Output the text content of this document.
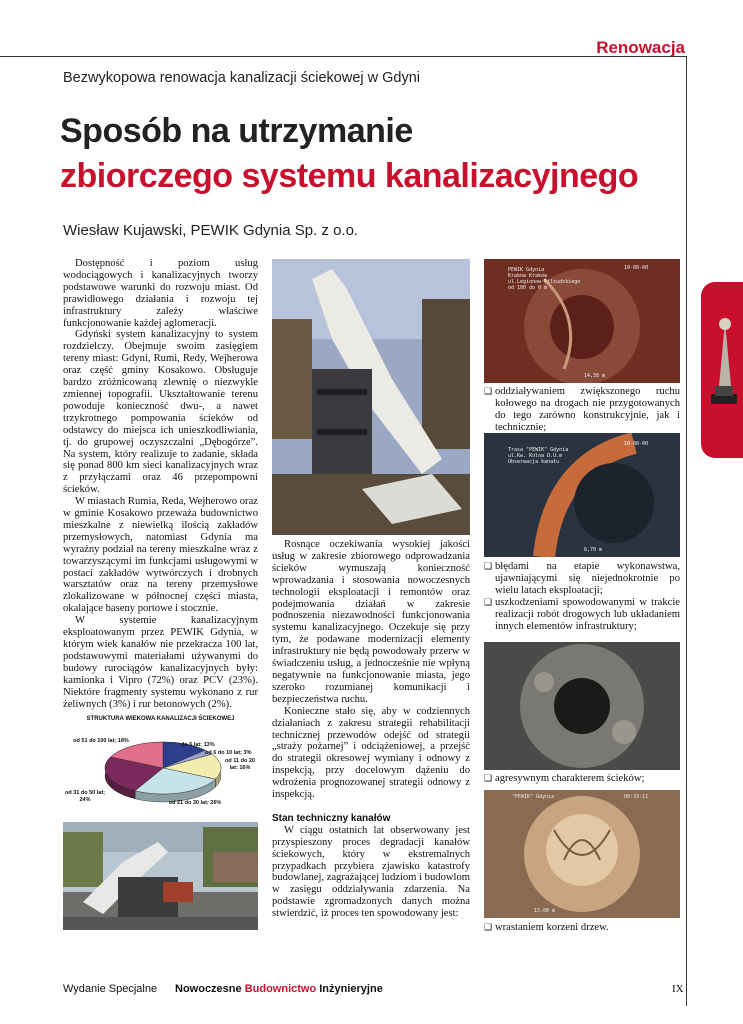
Renowacja
Bezwykopowa renowacja kanalizacji ściekowej w Gdyni
Sposób na utrzymanie
zbiorczego systemu kanalizacyjnego
Wiesław Kujawski, PEWIK Gdynia Sp. z o.o.

Dostępność i poziom usług wodociągowych i kanalizacyjnych tworzy podstawowe warunki do rozwoju miast. Od prawidłowego działania i rozwoju tej infrastruktury zależy właściwe funkcjonowanie każdej aglomeracji.

Gdyński system kanalizacyjny to system rozdzielczy. Obejmuje swoim zasięgiem tereny miast: Gdyni, Rumi, Redy, Wejherowa oraz część gminy Kosakowo. Obsługuje bardzo zróżnicowaną zlewnię o niezwykle zmiennej topografii. Ukształtowanie terenu powoduje konieczność dwu-, a nawet trzykrotnego pompowania ścieków od odstawcy do miejsca ich unieszkodliwiania, tj. do grupowej oczyszczalni „Dębogórze”. Na system, który realizuje to zadanie, składa się ponad 800 km sieci kanalizacyjnych wraz z przyłączami oraz 46 przepompowni ścieków.

W miastach Rumia, Reda, Wejherowo oraz w gminie Kosakowo przeważa budownictwo mieszkalne z niewielką ilością zakładów przemysłowych, natomiast Gdynia ma wyraźny podział na tereny mieszkalne wraz z towarzyszącymi im funkcjami usługowymi w postaci zakładów wytwórczych i drobnych warsztatów oraz na tereny przemysłowe zlokalizowane w północnej części miasta, okalające baseny portowe i stocznie.

W systemie kanalizacyjnym eksploatowanym przez PEWIK Gdynia, w którym wiek kanałów nie przekracza 100 lat, podstawowymi materiałami używanymi do budowy rurociągów kanalizacyjnych były: kamionka i Vipro (72%) oraz PCV (23%). Niektóre fragmenty systemu wykonano z rur żeliwnych (3%) i rur betonowych (2%).

STRUKTURA WIEKOWA KANALIZACJI ŚCIEKOWEJ
od 51 do 100 lat; 18%
do 5 lat; 13%
od 6 do 10 lat; 3%
od 11 do 20 lat; 16%
od 31 do 50 lat; 24%	od 21 do 30 lat; 26%

Rosnące oczekiwania wysokiej jakości usług w zakresie zbiorowego odprowadzania ścieków wymuszają konieczność wprowadzania i stosowania nowoczesnych technologii eksploatacji i remontów oraz podejmowania działań w zakresie podnoszenia niezawodności funkcjonowania systemu kanalizacyjnego. Oczekuje się przy tym, że podawane modernizacji elementy infrastruktury nie będą powodowały przerw w świadczeniu usług, a jednocześnie nie wpłyną negatywnie na funkcjonowanie miasta, jego szeroko rozumianej komunikacji i bezpieczeństwa ruchu.

Konieczne stało się, aby w codziennych działaniach z zakresu strategii rehabilitacji technicznej przewodów odejść od strategii „straży pożarnej” i odciążeniowej, a przejść do strategii okresowej wymiany i odnowy z inspekcją, przy docelowym dążeniu do wdrożenia prognozowanej strategii odnowy z inspekcją.

Stan techniczny kanałów

W ciągu ostatnich lat obserwowany jest przyspieszony proces degradacji kanałów ściekowych, który w ekstremalnych przypadkach przybiera zjawisko katastrofy budowlanej, zagrażającej ludziom i budowlom w zasięgu oddziaływania zdarzenia. Na podstawie zgromadzonych danych można stwierdzić, iż proces ten spowodowany jest:

PEWIK Gdynia
Krakow Kraków
ul.Legionow-Pilsudskiego
od 100 do 0 m
10-08-00
14,38 m
❑ oddziaływaniem zwiększonego ruchu kołowego na drogach nie przygotowanych do tego zarówno konstrukcyjnie, jak i technicznie;
Trasa "PEWIK" Gdynia
ul.Kw. Kolna D.U.m
Obserwacja kanału
10-08-00
6,70 m
❑ błędami na etapie wykonawstwa, ujawniającymi się niejednokrotnie po wielu latach eksploatacji;
❑ uszkodzeniami spowodowanymi w trakcie realizacji robót drogowych lub układaniem innych elementów infrastruktury;
❑ agresywnym charakterem ścieków;
"PEWIK" Gdynia	00:33:11
15.00 m
❑ wrastaniem korzeni drzew.
Wydanie Specjalne Nowoczesne Budownictwo Inżynieryjne	IX
